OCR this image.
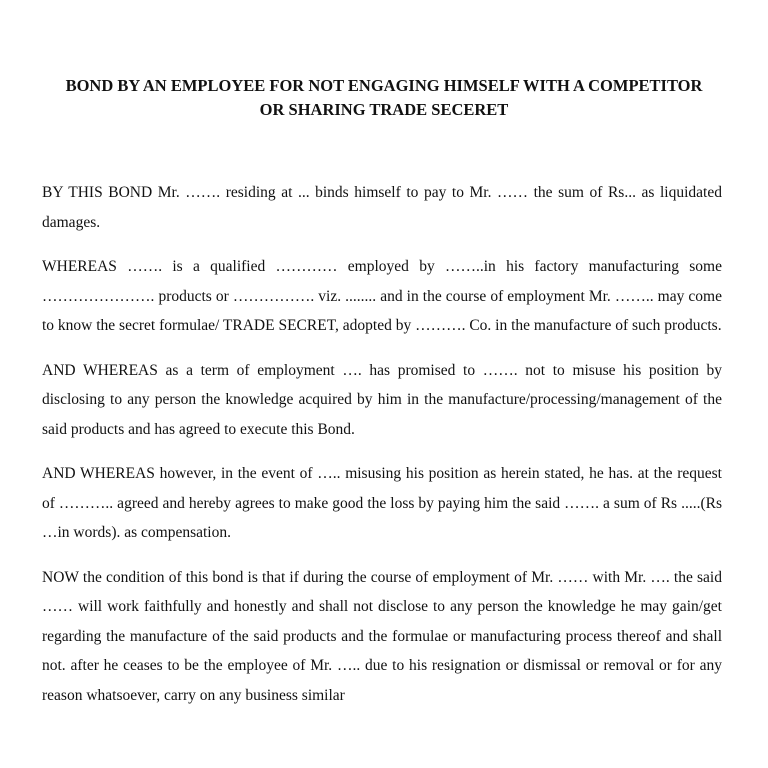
BOND BY AN EMPLOYEE FOR NOT ENGAGING HIMSELF WITH A COMPETITOR
OR SHARING TRADE SECERET

BY THIS BOND Mr. ……. residing at ... binds himself to pay to Mr. …… the sum of Rs... as liquidated damages.

WHEREAS ……. is a qualified ………… employed by ……..in his factory manufacturing some …………………. products or ……………. viz. ........ and in the course of employment Mr. …….. may come to know the secret formulae/ TRADE SECRET, adopted by ………. Co. in the manufacture of such products.

AND WHEREAS as a term of employment …. has promised to ……. not to misuse his position by disclosing to any person the knowledge acquired by him in the manufacture/processing/management of the said products and has agreed to execute this Bond.

AND WHEREAS however, in the event of ….. misusing his position as herein stated, he has. at the request of ……….. agreed and hereby agrees to make good the loss by paying him the said ……. a sum of Rs .....(Rs …in words). as compensation.

NOW the condition of this bond is that if during the course of employment of Mr. …… with Mr. …. the said …… will work faithfully and honestly and shall not disclose to any person the knowledge he may gain/get regarding the manufacture of the said products and the formulae or manufacturing process thereof and shall not. after he ceases to be the employee of Mr. ….. due to his resignation or dismissal or removal or for any reason whatsoever, carry on any business similar
